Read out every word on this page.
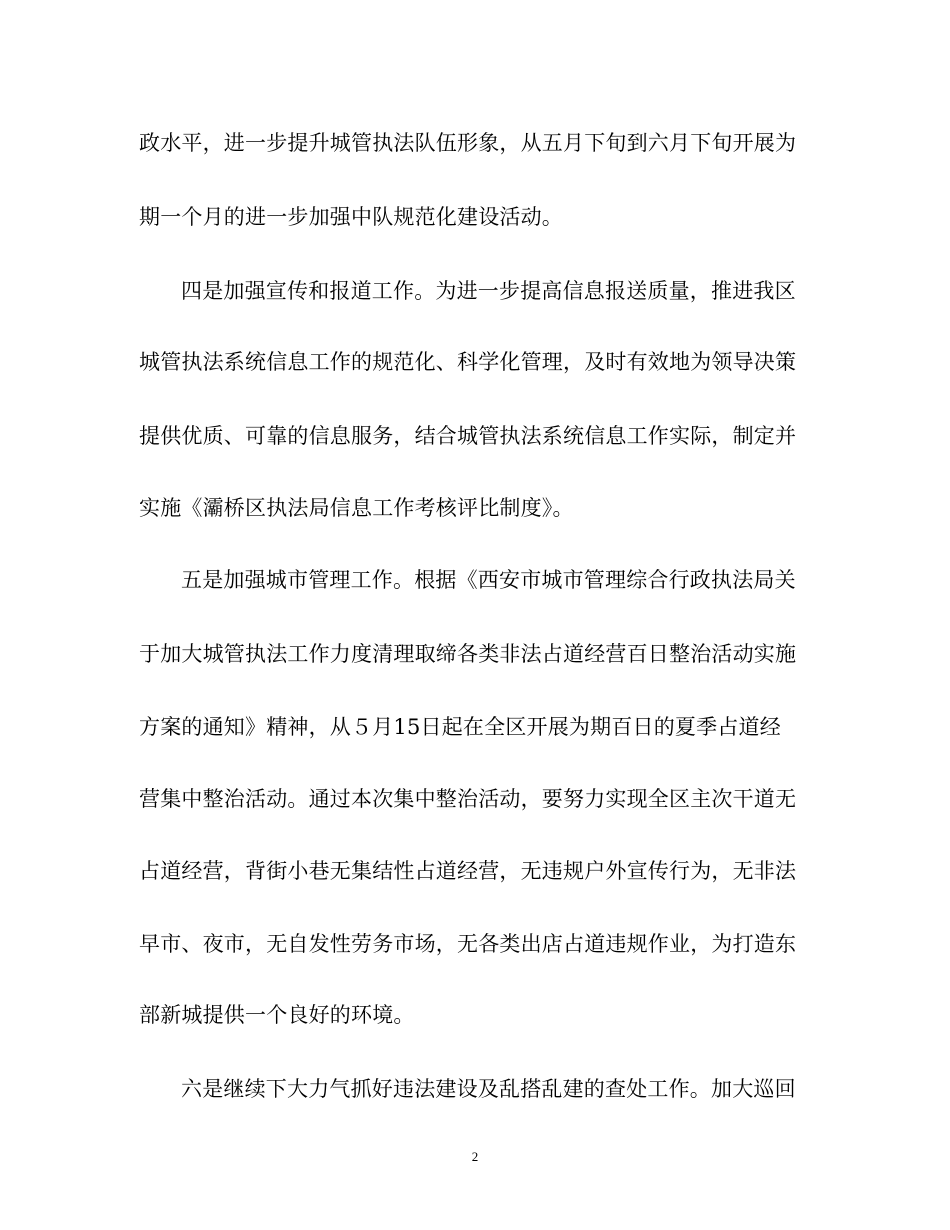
政水平，进一步提升城管执法队伍形象，从五月下旬到六月下旬开展为
期一个月的进一步加强中队规范化建设活动。
四是加强宣传和报道工作。为进一步提高信息报送质量，推进我区
城管执法系统信息工作的规范化、科学化管理，及时有效地为领导决策
提供优质、可靠的信息服务，结合城管执法系统信息工作实际，制定并
实施《灞桥区执法局信息工作考核评比制度》。
五是加强城市管理工作。根据《西安市城市管理综合行政执法局关
于加大城管执法工作力度清理取缔各类非法占道经营百日整治活动实施
方案的通知》精神，从５月15日起在全区开展为期百日的夏季占道经
营集中整治活动。通过本次集中整治活动，要努力实现全区主次干道无
占道经营，背街小巷无集结性占道经营，无违规户外宣传行为，无非法
早市、夜市，无自发性劳务市场，无各类出店占道违规作业，为打造东
部新城提供一个良好的环境。
六是继续下大力气抓好违法建设及乱搭乱建的查处工作。加大巡回
2
